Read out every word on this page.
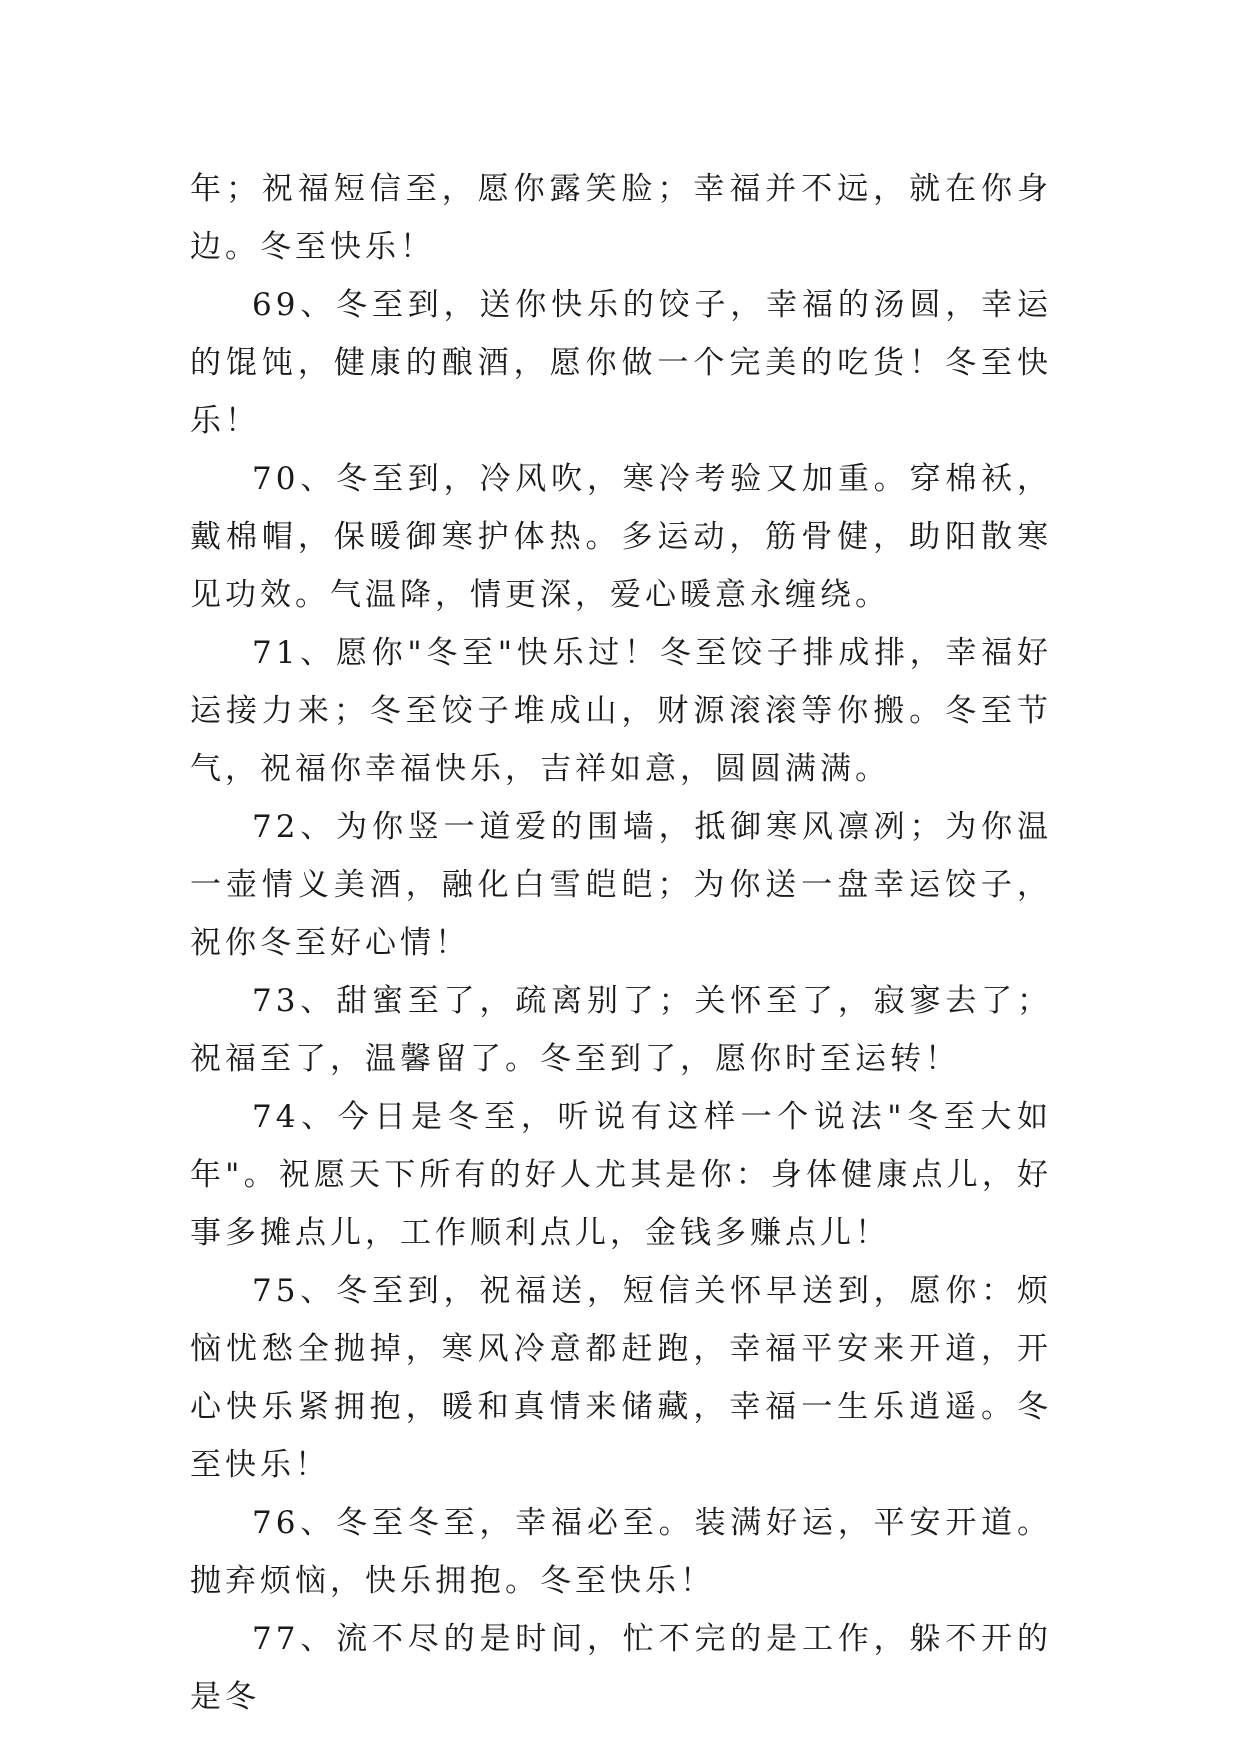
年；祝福短信至，愿你露笑脸；幸福并不远，就在你身边。冬至快乐！

69、冬至到，送你快乐的饺子，幸福的汤圆，幸运的馄饨，健康的酿酒，愿你做一个完美的吃货！冬至快乐！

70、冬至到，冷风吹，寒冷考验又加重。穿棉袄，戴棉帽，保暖御寒护体热。多运动，筋骨健，助阳散寒见功效。气温降，情更深，爱心暖意永缠绕。

71、愿你"冬至"快乐过！冬至饺子排成排，幸福好运接力来；冬至饺子堆成山，财源滚滚等你搬。冬至节气，祝福你幸福快乐，吉祥如意，圆圆满满。

72、为你竖一道爱的围墙，抵御寒风凛冽；为你温一壶情义美酒，融化白雪皑皑；为你送一盘幸运饺子，祝你冬至好心情！

73、甜蜜至了，疏离别了；关怀至了，寂寥去了；祝福至了，温馨留了。冬至到了，愿你时至运转！

74、今日是冬至，听说有这样一个说法"冬至大如年"。祝愿天下所有的好人尤其是你：身体健康点儿，好事多摊点儿，工作顺利点儿，金钱多赚点儿！

75、冬至到，祝福送，短信关怀早送到，愿你：烦恼忧愁全抛掉，寒风冷意都赶跑，幸福平安来开道，开心快乐紧拥抱，暖和真情来储藏，幸福一生乐逍遥。冬至快乐！

76、冬至冬至，幸福必至。装满好运，平安开道。抛弃烦恼，快乐拥抱。冬至快乐！

77、流不尽的是时间，忙不完的是工作，躲不开的是冬
